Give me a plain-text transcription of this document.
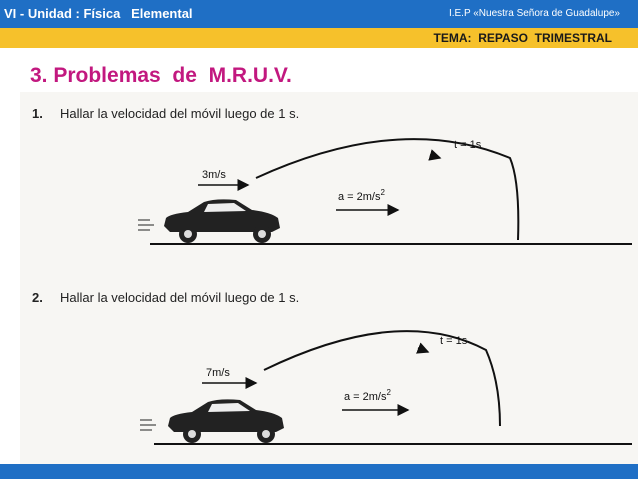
VI - Unidad : Física   Elemental	I.E.P «Nuestra Señora de Guadalupe»
TEMA:  REPASO  TRIMESTRAL
3. Problemas  de  M.R.U.V.
1. Hallar la velocidad del móvil luego de 1 s.
t = 1s
3m/s
$a = 2m/s^2$
2. Hallar la velocidad del móvil luego de 1 s.
t = 1s
7m/s
$a = 2m/s^2$
